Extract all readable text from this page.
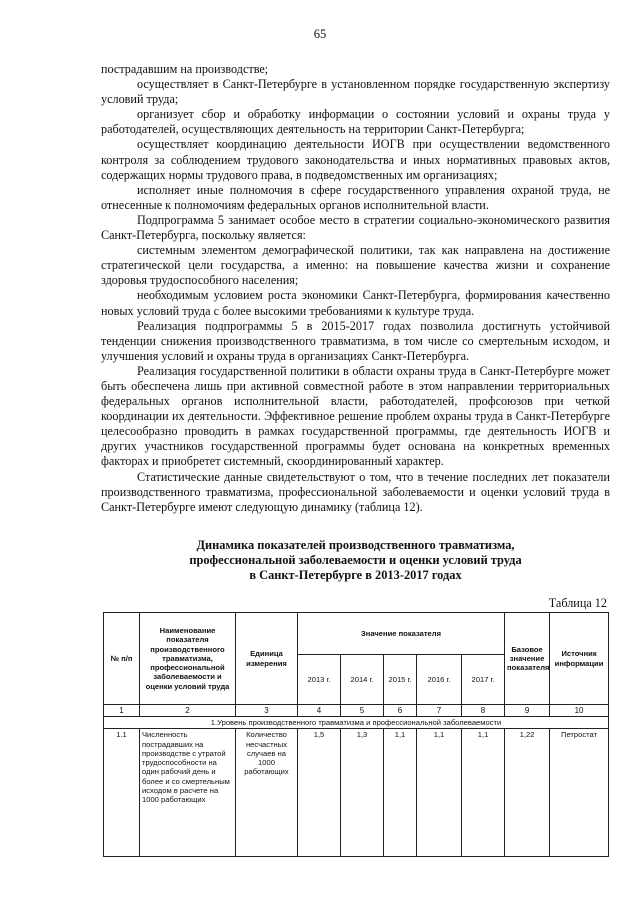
65

пострадавшим на производстве;

осуществляет в Санкт-Петербурге в установленном порядке государственную экспертизу условий труда;

организует сбор и обработку информации о состоянии условий и охраны труда у работодателей, осуществляющих деятельность на территории Санкт-Петербурга;

осуществляет координацию деятельности ИОГВ при осуществлении ведомственного контроля за соблюдением трудового законодательства и иных нормативных правовых актов, содержащих нормы трудового права, в подведомственных им организациях;

исполняет иные полномочия в сфере государственного управления охраной труда, не отнесенные к полномочиям федеральных органов исполнительной власти.

Подпрограмма 5 занимает особое место в стратегии социально-экономического развития Санкт-Петербурга, поскольку является:

системным элементом демографической политики, так как направлена на достижение стратегической цели государства, а именно: на повышение качества жизни и сохранение здоровья трудоспособного населения;

необходимым условием роста экономики Санкт-Петербурга, формирования качественно новых условий труда с более высокими требованиями к культуре труда.

Реализация подпрограммы 5 в 2015-2017 годах позволила достигнуть устойчивой тенденции снижения производственного травматизма, в том числе со смертельным исходом, и улучшения условий и охраны труда в организациях Санкт-Петербурга.

Реализация государственной политики в области охраны труда в Санкт-Петербурге может быть обеспечена лишь при активной совместной работе в этом направлении территориальных федеральных органов исполнительной власти, работодателей, профсоюзов при четкой координации их деятельности. Эффективное решение проблем охраны труда в Санкт-Петербурге целесообразно проводить в рамках государственной программы, где деятельность ИОГВ и других участников государственной программы будет основана на конкретных временных факторах и приобретет системный, скоординированный характер.

Статистические данные свидетельствуют о том, что в течение последних лет показатели производственного травматизма, профессиональной заболеваемости и оценки условий труда в Санкт-Петербурге имеют следующую динамику (таблица 12).

Динамика показателей производственного травматизма,
профессиональной заболеваемости и оценки условий труда
в Санкт-Петербурге в 2013-2017 годах
Таблица 12
№ п/п	Наименование показателя производственного травматизма, профессиональной заболеваемости и оценки условий труда	Единица измерения	Значение показателя					Базовое значение показателя	Источник информации
			2013 г.	2014 г.	2015 г.	2016 г.	2017 г.		
1	2	3	4	5	6	7	8	9	10
1.Уровень производственного травматизма и профессиональной заболеваемости									
1.1	Численность пострадавших на производстве с утратой трудоспособности на один рабочий день и более и со смертельным исходом в расчете на 1000 работающих	Количество несчастных случаев на 1000 работающих	1,5	1,3	1,1	1,1	1,1	1,22	Петростат
